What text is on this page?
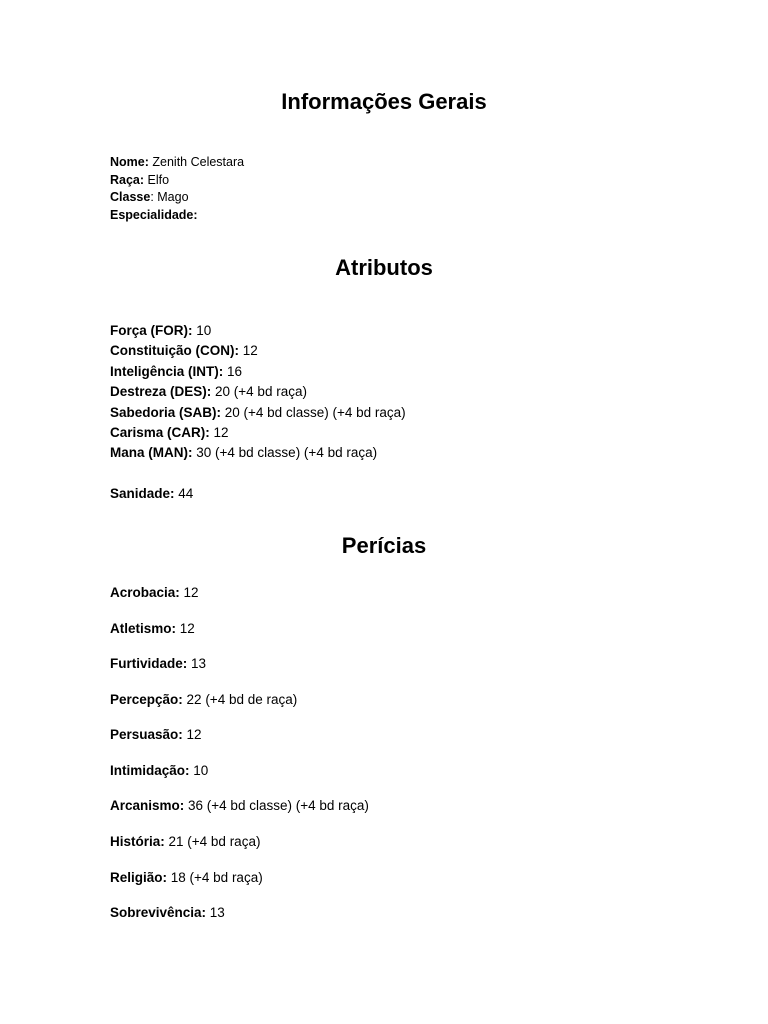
Informações Gerais
Nome: Zenith Celestara
Raça: Elfo
Classe: Mago
Especialidade:
Atributos
Força (FOR): 10
Constituição (CON): 12
Inteligência (INT): 16
Destreza (DES): 20 (+4 bd raça)
Sabedoria (SAB): 20 (+4 bd classe) (+4 bd raça)
Carisma (CAR): 12
Mana (MAN): 30 (+4 bd classe) (+4 bd raça)
Sanidade: 44
Perícias
Acrobacia: 12
Atletismo: 12
Furtividade: 13
Percepção: 22 (+4 bd de raça)
Persuasão: 12
Intimidação: 10
Arcanismo: 36 (+4 bd classe) (+4 bd raça)
História: 21 (+4 bd raça)
Religião: 18 (+4 bd raça)
Sobrevivência: 13
